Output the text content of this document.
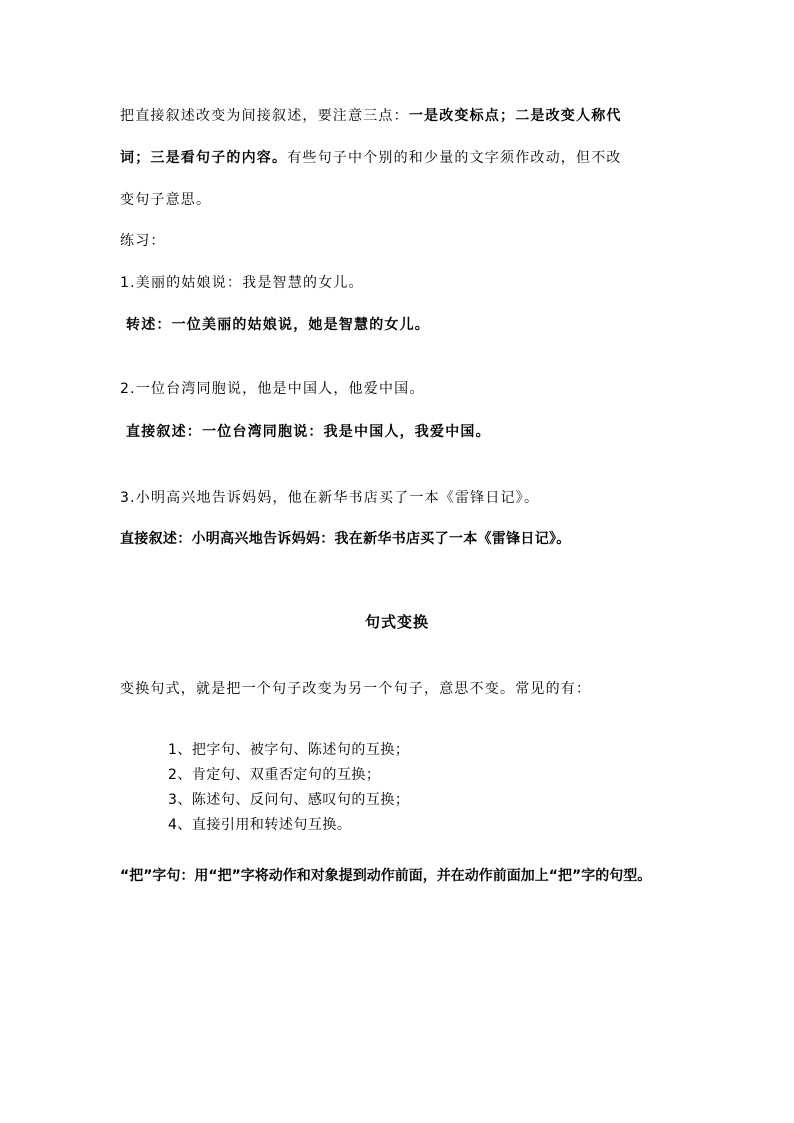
把直接叙述改变为间接叙述，要注意三点：一是改变标点；二是改变人称代
词；三是看句子的内容。有些句子中个别的和少量的文字须作改动，但不改
变句子意思。
练习：
1.美丽的姑娘说：我是智慧的女儿。
转述：一位美丽的姑娘说，她是智慧的女儿。
2.一位台湾同胞说，他是中国人，他爱中国。
直接叙述：一位台湾同胞说：我是中国人，我爱中国。
3.小明高兴地告诉妈妈，他在新华书店买了一本《雷锋日记》。
直接叙述：小明高兴地告诉妈妈：我在新华书店买了一本《雷锋日记》。
句式变换
变换句式，就是把一个句子改变为另一个句子，意思不变。常见的有：
1、把字句、被字句、陈述句的互换；
2、肯定句、双重否定句的互换；
3、陈述句、反问句、感叹句的互换；
4、直接引用和转述句互换。
“把”字句：用“把”字将动作和对象提到动作前面，并在动作前面加上“把”字的句型。
